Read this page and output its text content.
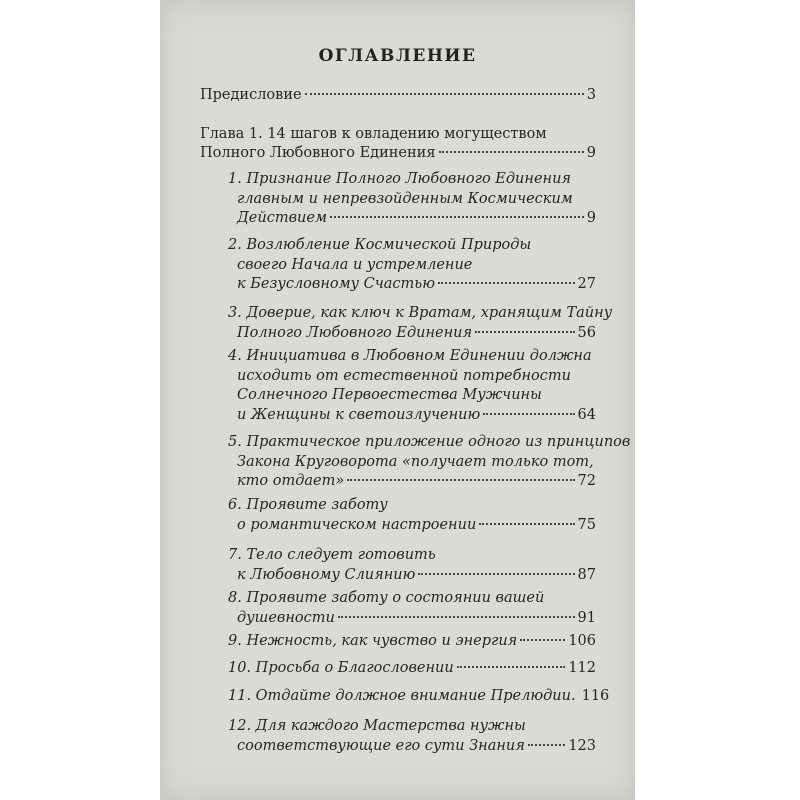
ОГЛАВЛЕНИЕ
Предисловие	3
Глава 1. 14 шагов к овладению могуществом
Полного Любовного Единения	9
1. Признание Полного Любовного Единения
главным и непревзойденным Космическим
Действием	9
2. Возлюбление Космической Природы
своего Начала и устремление
к Безусловному Счастью	27
3. Доверие, как ключ к Вратам, хранящим Тайну
Полного Любовного Единения	56
4. Инициатива в Любовном Единении должна
исходить от естественной потребности
Солнечного Первоестества Мужчины
и Женщины к светоизлучению	64
5. Практическое приложение одного из принципов
Закона Круговорота «получает только тот,
кто отдает»	72
6. Проявите заботу
о романтическом настроении	75
7. Тело следует готовить
к Любовному Слиянию	87
8. Проявите заботу о состоянии вашей
душевности	91
9. Нежность, как чувство и энергия	106
10. Просьба о Благословении	112
11. Отдайте должное внимание Прелюдии. 116
12. Для каждого Мастерства нужны
соответствующие его сути Знания	123
